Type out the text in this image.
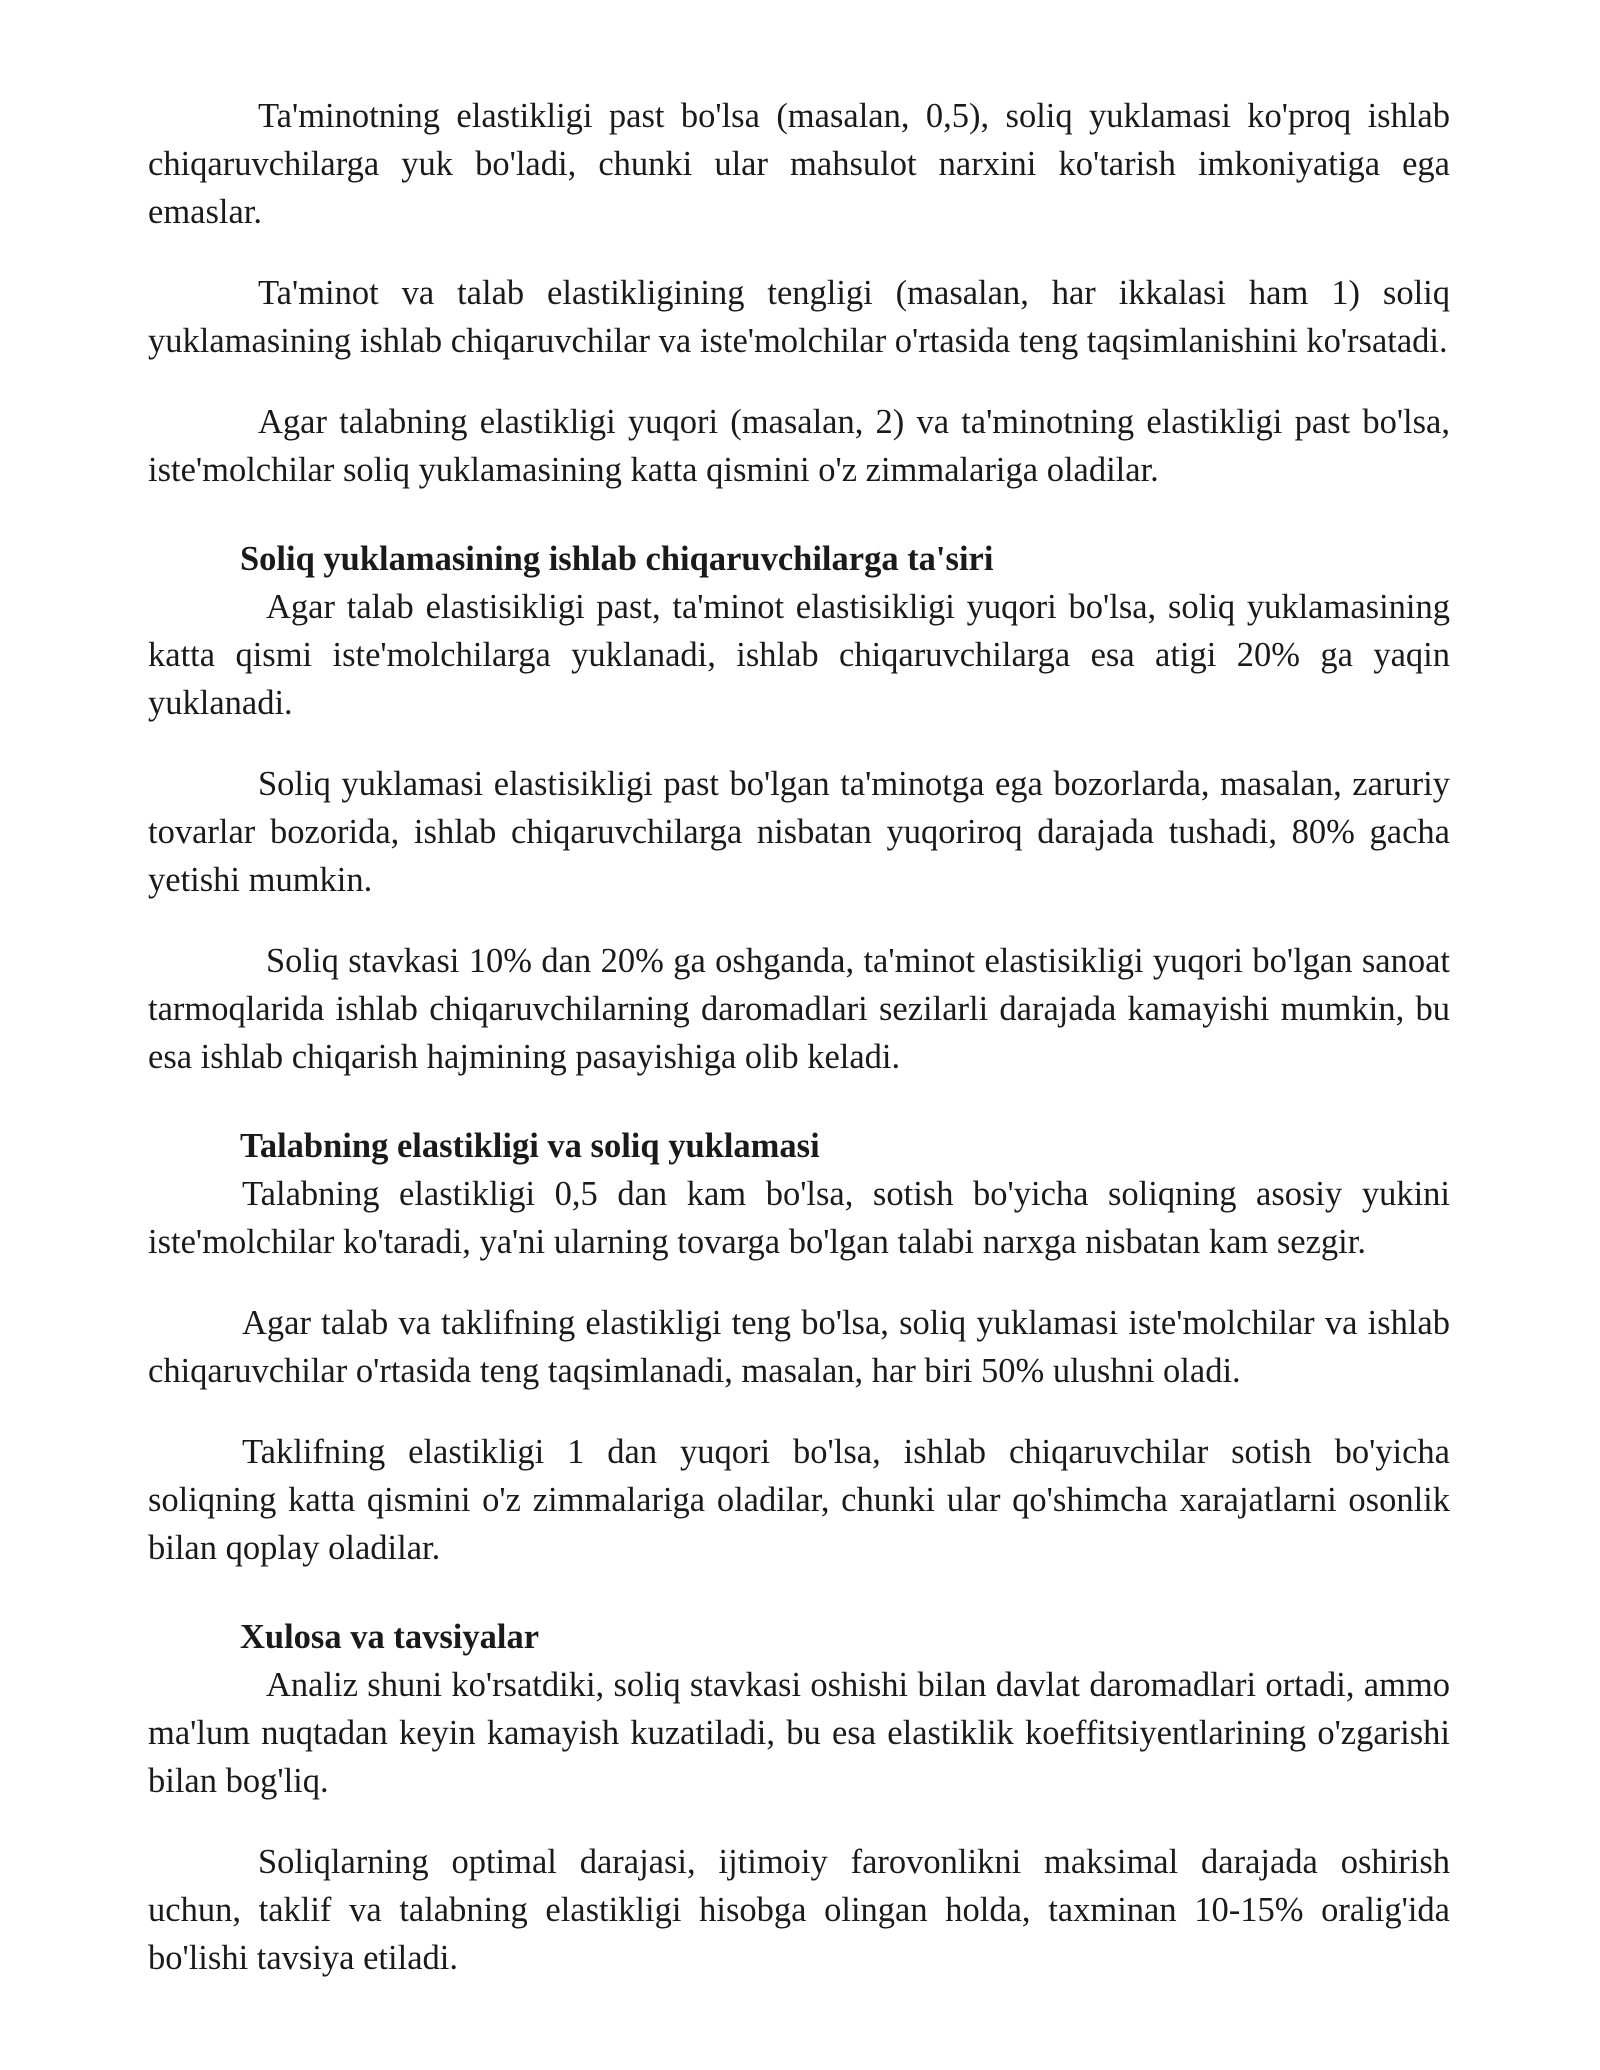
Ta'minotning elastikligi past bo'lsa (masalan, 0,5), soliq yuklamasi ko'proq ishlab chiqaruvchilarga yuk bo'ladi, chunki ular mahsulot narxini ko'tarish imkoniyatiga ega emaslar.

Ta'minot va talab elastikligining tengligi (masalan, har ikkalasi ham 1) soliq yuklamasining ishlab chiqaruvchilar va iste'molchilar o'rtasida teng taqsimlanishini ko'rsatadi.

Agar talabning elastikligi yuqori (masalan, 2) va ta'minotning elastikligi past bo'lsa, iste'molchilar soliq yuklamasining katta qismini o'z zimmalariga oladilar.

Soliq yuklamasining ishlab chiqaruvchilarga ta'siri

Agar talab elastisikligi past, ta'minot elastisikligi yuqori bo'lsa, soliq yuklamasining katta qismi iste'molchilarga yuklanadi, ishlab chiqaruvchilarga esa atigi 20% ga yaqin yuklanadi.

Soliq yuklamasi elastisikligi past bo'lgan ta'minotga ega bozorlarda, masalan, zaruriy tovarlar bozorida, ishlab chiqaruvchilarga nisbatan yuqoriroq darajada tushadi, 80% gacha yetishi mumkin.

Soliq stavkasi 10% dan 20% ga oshganda, ta'minot elastisikligi yuqori bo'lgan sanoat tarmoqlarida ishlab chiqaruvchilarning daromadlari sezilarli darajada kamayishi mumkin, bu esa ishlab chiqarish hajmining pasayishiga olib keladi.

Talabning elastikligi va soliq yuklamasi

Talabning elastikligi 0,5 dan kam bo'lsa, sotish bo'yicha soliqning asosiy yukini iste'molchilar ko'taradi, ya'ni ularning tovarga bo'lgan talabi narxga nisbatan kam sezgir.

Agar talab va taklifning elastikligi teng bo'lsa, soliq yuklamasi iste'molchilar va ishlab chiqaruvchilar o'rtasida teng taqsimlanadi, masalan, har biri 50% ulushni oladi.

Taklifning elastikligi 1 dan yuqori bo'lsa, ishlab chiqaruvchilar sotish bo'yicha soliqning katta qismini o'z zimmalariga oladilar, chunki ular qo'shimcha xarajatlarni osonlik bilan qoplay oladilar.

Xulosa va tavsiyalar

Analiz shuni ko'rsatdiki, soliq stavkasi oshishi bilan davlat daromadlari ortadi, ammo ma'lum nuqtadan keyin kamayish kuzatiladi, bu esa elastiklik koeffitsiyentlarining o'zgarishi bilan bog'liq.

Soliqlarning optimal darajasi, ijtimoiy farovonlikni maksimal darajada oshirish uchun, taklif va talabning elastikligi hisobga olingan holda, taxminan 10-15% oralig'ida bo'lishi tavsiya etiladi.
